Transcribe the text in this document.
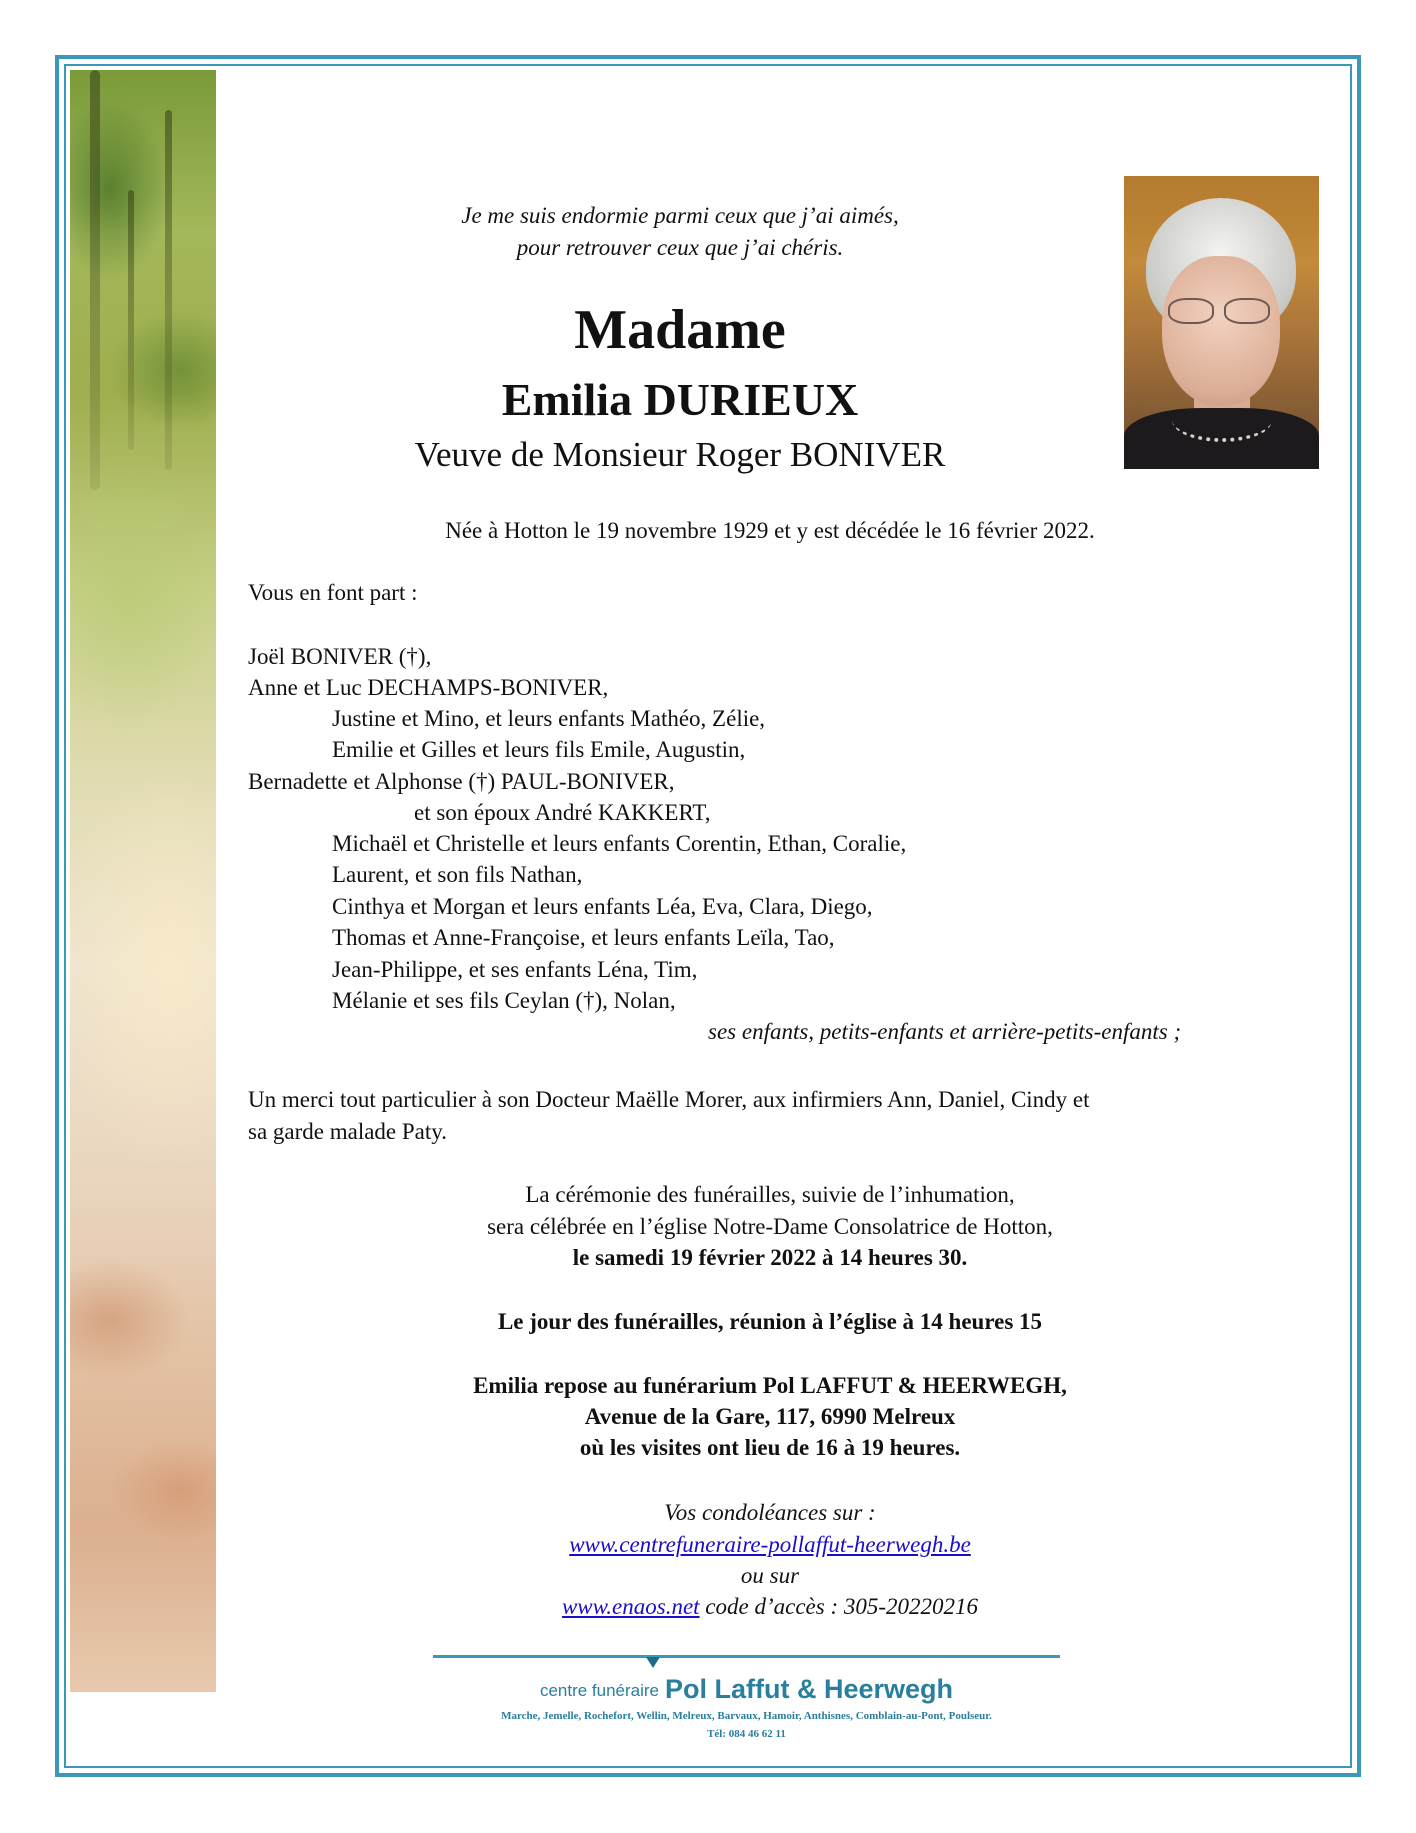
Je me suis endormie parmi ceux que j’ai aimés,
pour retrouver ceux que j’ai chéris.
Madame
Emilia DURIEUX
Veuve de Monsieur Roger BONIVER
Née à Hotton le 19 novembre 1929 et y est décédée le 16 février 2022.
Vous en font part :
Joël BONIVER (†),
Anne et Luc DECHAMPS-BONIVER,
Justine et Mino, et leurs enfants Mathéo, Zélie,
Emilie et Gilles et leurs fils Emile, Augustin,
Bernadette et Alphonse (†) PAUL-BONIVER,
et son époux André KAKKERT,
Michaël et Christelle et leurs enfants Corentin, Ethan, Coralie,
Laurent, et son fils Nathan,
Cinthya et Morgan et leurs enfants Léa, Eva, Clara, Diego,
Thomas et Anne-Françoise, et leurs enfants Leïla, Tao,
Jean-Philippe, et ses enfants Léna, Tim,
Mélanie et ses fils Ceylan (†), Nolan,
ses enfants, petits-enfants et arrière-petits-enfants ;
Un merci tout particulier à son Docteur Maëlle Morer, aux infirmiers Ann, Daniel, Cindy et
sa garde malade Paty.
La cérémonie des funérailles, suivie de l’inhumation,
sera célébrée en l’église Notre-Dame Consolatrice de Hotton,
le samedi 19 février 2022 à 14 heures 30.
Le jour des funérailles, réunion à l’église à 14 heures 15
Emilia repose au funérarium Pol LAFFUT & HEERWEGH,
Avenue de la Gare, 117, 6990 Melreux
où les visites ont lieu de 16 à 19 heures.
Vos condoléances sur :
www.centrefuneraire-pollaffut-heerwegh.be
ou sur
www.enaos.net code d’accès : 305-20220216
centre funéraire Pol Laffut & Heerwegh
Marche, Jemelle, Rochefort, Wellin, Melreux, Barvaux, Hamoir, Anthisnes, Comblain-au-Pont, Poulseur.
Tél: 084 46 62 11
